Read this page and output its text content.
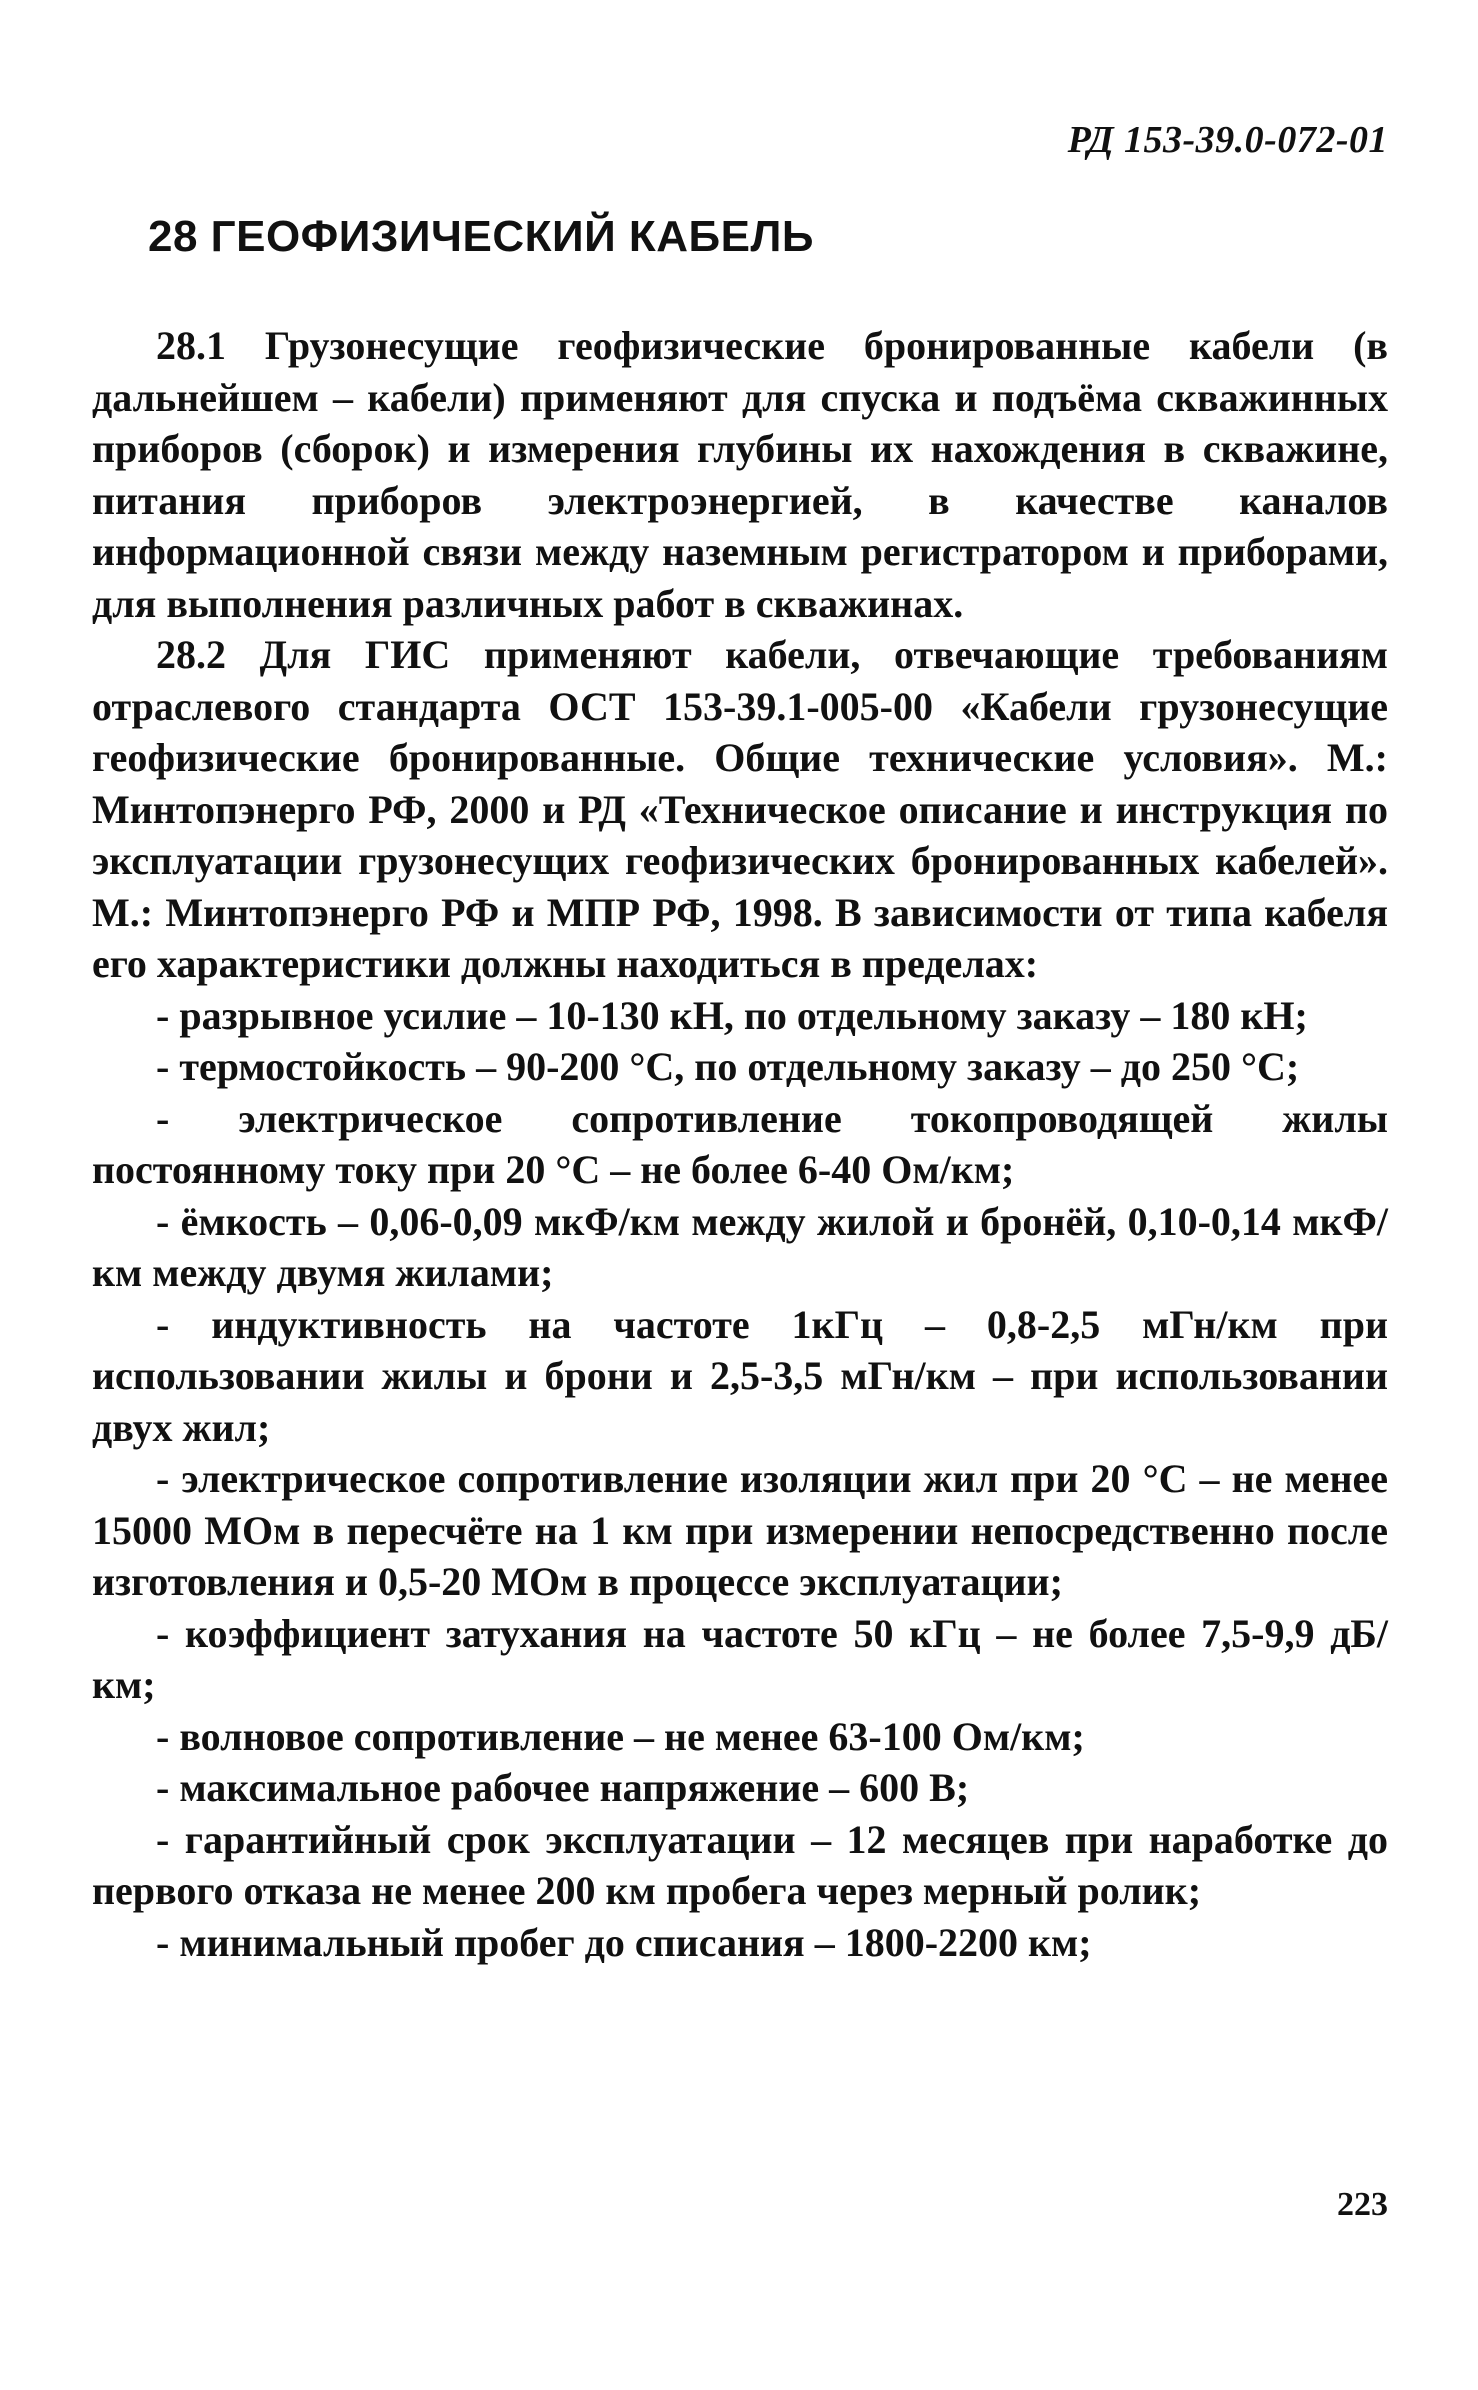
РД 153-39.0-072-01
28 ГЕОФИЗИЧЕСКИЙ КАБЕЛЬ

28.1 Грузонесущие геофизические бронированные кабели (в дальнейшем – кабели) применяют для спуска и подъёма скважинных приборов (сборок) и измерения глубины их нахождения в скважине, питания приборов электроэнергией, в качестве каналов информационной связи между наземным регистратором и приборами, для выполнения различных работ в скважинах.

28.2 Для ГИС применяют кабели, отвечающие требованиям отраслевого стандарта ОСТ 153-39.1-005-00 «Кабели грузонесущие геофизические бронированные. Общие технические условия». М.: Минтопэнерго РФ, 2000 и РД «Техническое описание и инструкция по эксплуатации грузонесущих геофизических бронированных кабелей». М.: Минтопэнерго РФ и МПР РФ, 1998. В зависимости от типа кабеля его характеристики должны находиться в пределах:

- разрывное усилие – 10-130 кН, по отдельному заказу – 180 кН;

- термостойкость – 90-200 °С, по отдельному заказу – до 250 °С;

- электрическое сопротивление токопроводящей жилы постоянному току при 20 °С – не более 6-40 Ом/км;

- ёмкость – 0,06-0,09 мкФ/км между жилой и бронёй, 0,10-0,14 мкФ/км между двумя жилами;

- индуктивность на частоте 1кГц – 0,8-2,5 мГн/км при использовании жилы и брони и 2,5-3,5 мГн/км – при использовании двух жил;

- электрическое сопротивление изоляции жил при 20 °С – не менее 15000 МОм в пересчёте на 1 км при измерении непосредственно после изготовления и 0,5-20 МОм в процессе эксплуатации;

- коэффициент затухания на частоте 50 кГц – не более 7,5-9,9 дБ/км;

- волновое сопротивление – не менее 63-100 Ом/км;

- максимальное рабочее напряжение – 600 В;

- гарантийный срок эксплуатации – 12 месяцев при наработке до первого отказа не менее 200 км пробега через мерный ролик;

- минимальный пробег до списания – 1800-2200 км;

223
